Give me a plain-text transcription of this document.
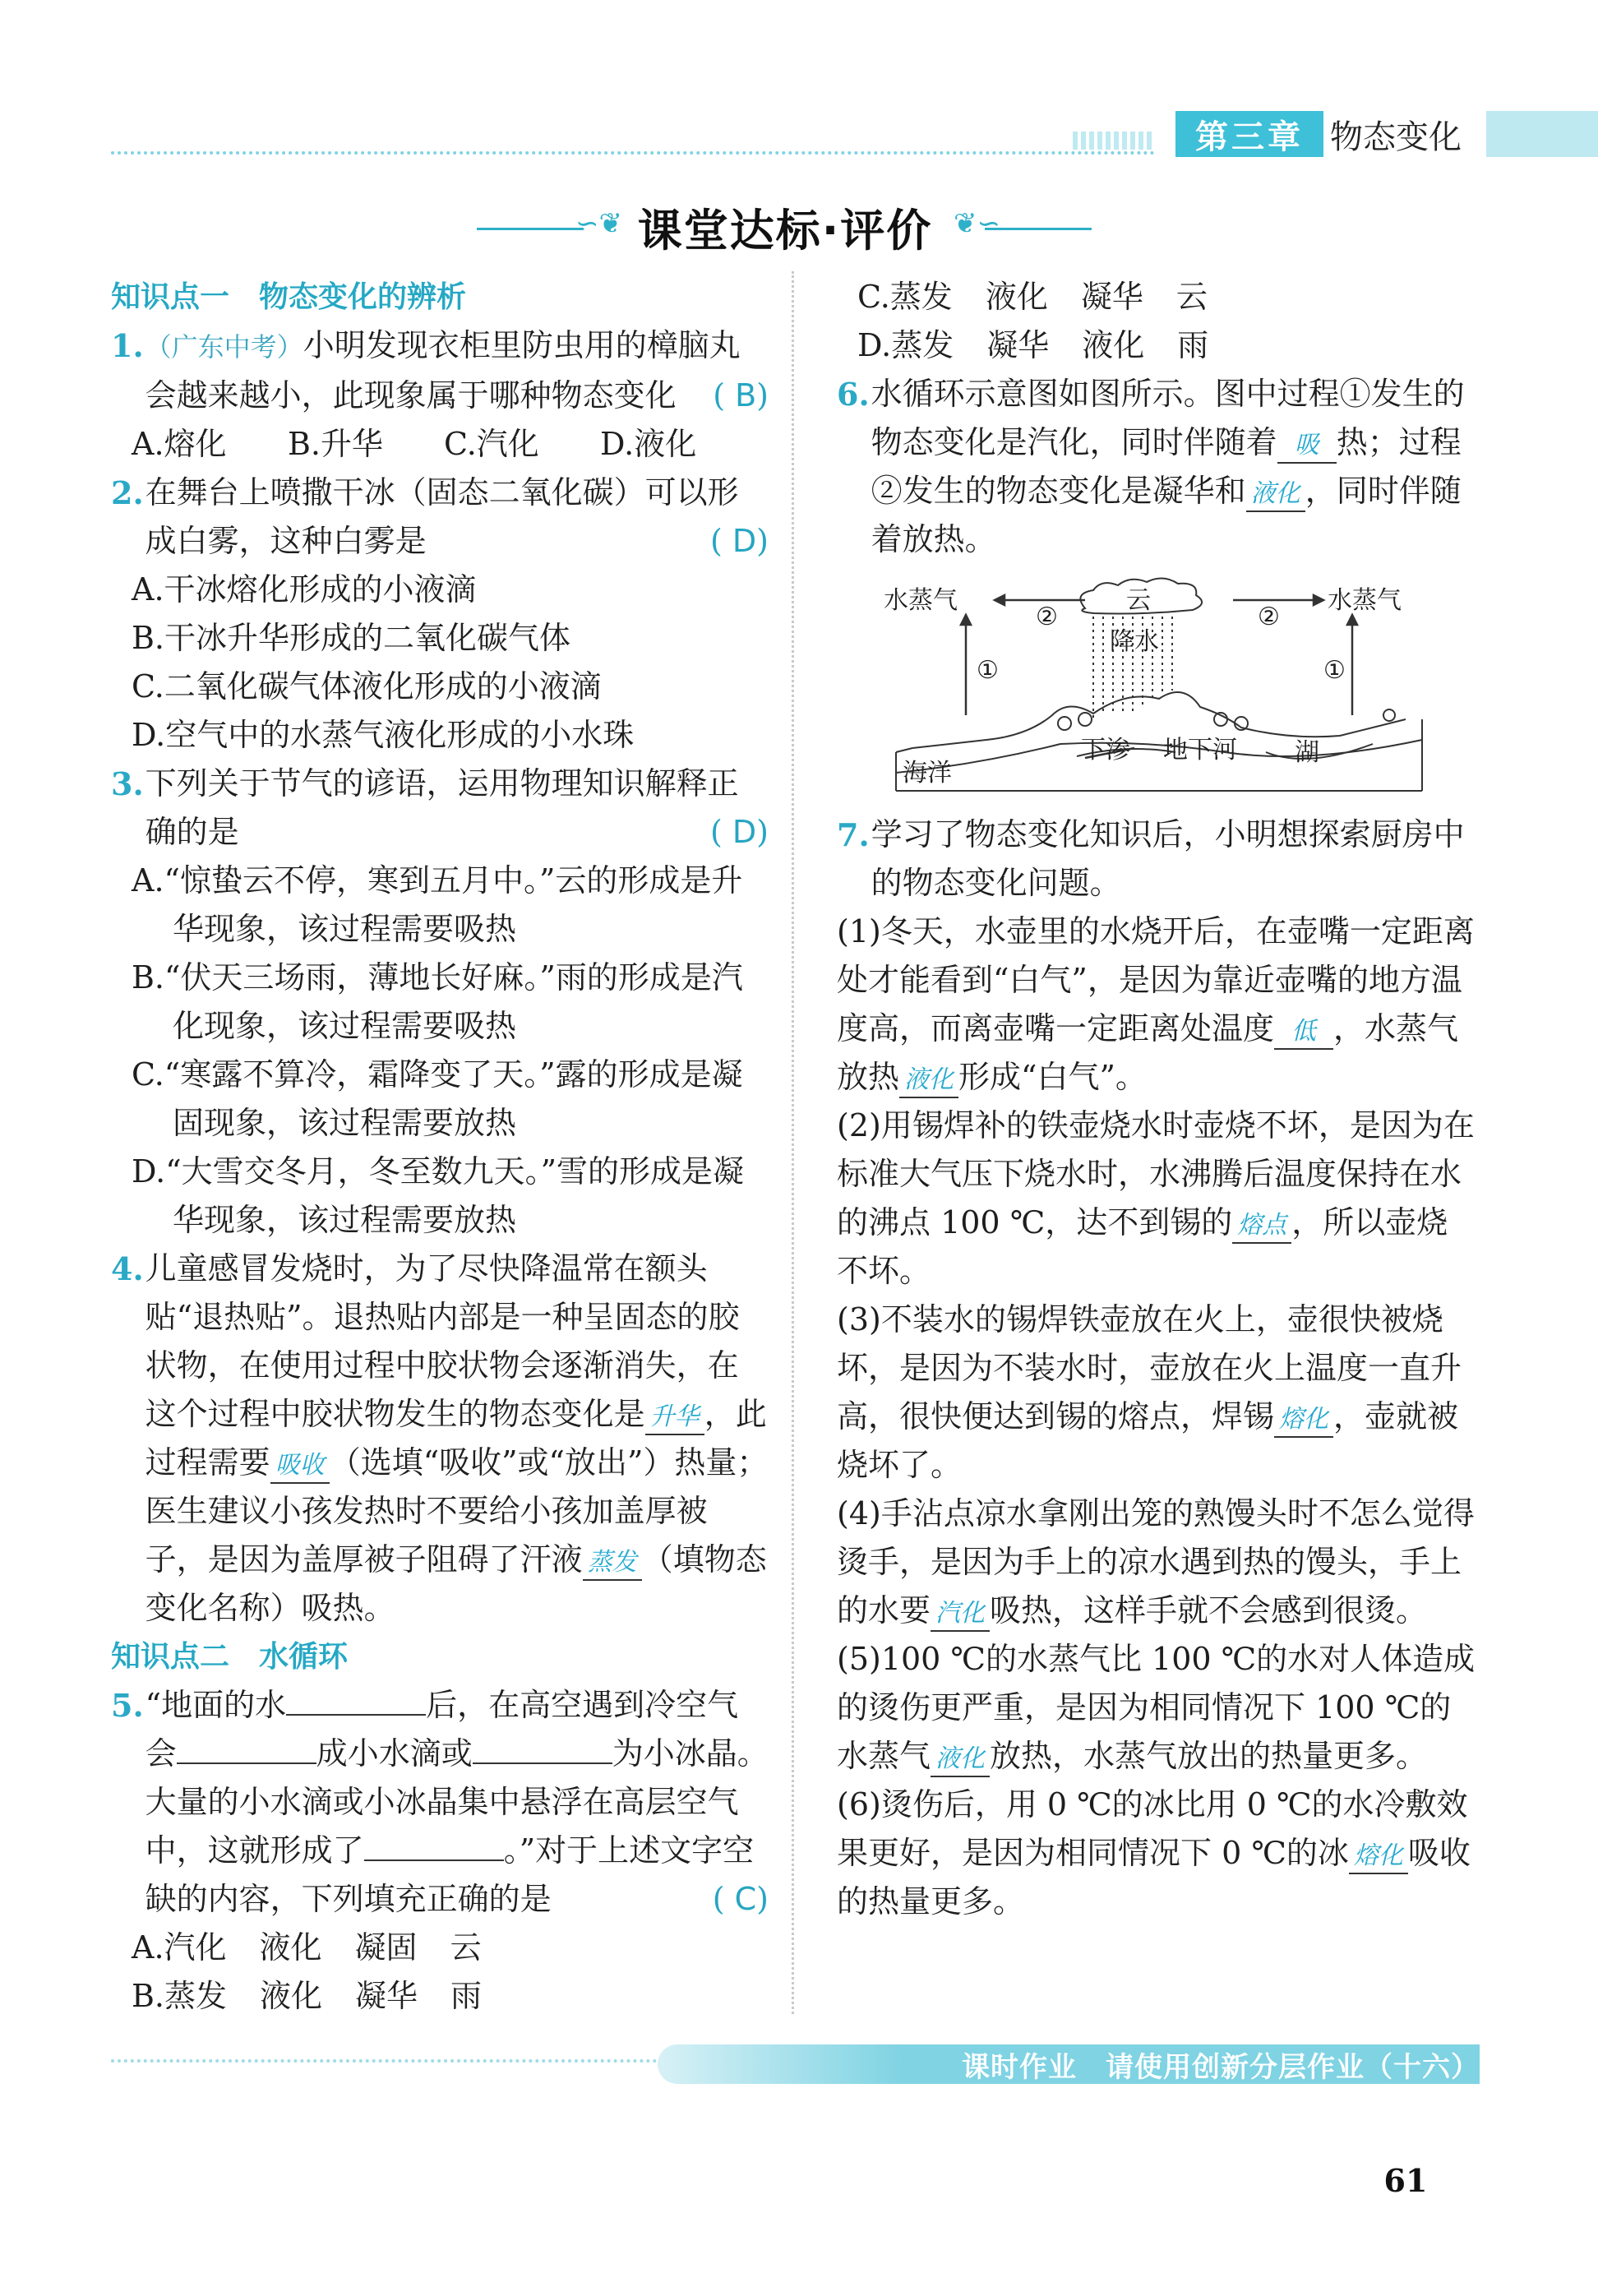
第三章 物态变化
∽❦ 课堂达标·评价 ❦∽
知识点一　物态变化的辨析
1. （广东中考）小明发现衣柜里防虫用的樟脑丸会越来越小，此现象属于哪种物态变化 ( B)
A.熔化	B.升华	C.汽化	D.液化
2. 在舞台上喷撒干冰（固态二氧化碳）可以形成白雾，这种白雾是	( D)
A.干冰熔化形成的小液滴
B.干冰升华形成的二氧化碳气体
C.二氧化碳气体液化形成的小液滴
D.空气中的水蒸气液化形成的小水珠
3. 下列关于节气的谚语，运用物理知识解释正确的是	( D)
A.“惊蛰云不停，寒到五月中。”云的形成是升
华现象，该过程需要吸热
B.“伏天三场雨，薄地长好麻。”雨的形成是汽
化现象，该过程需要吸热
C.“寒露不算冷，霜降变了天。”露的形成是凝
固现象，该过程需要放热
D.“大雪交冬月，冬至数九天。”雪的形成是凝
华现象，该过程需要放热
4. 儿童感冒发烧时，为了尽快降温常在额头贴“退热贴”。退热贴内部是一种呈固态的胶状物，在使用过程中胶状物会逐渐消失，在这个过程中胶状物发生的物态变化是 升华 ，此过程需要 吸收 （选填“吸收”或“放出”）热量；医生建议小孩发热时不要给小孩加盖厚被子，是因为盖厚被子阻碍了汗液 蒸发 （填物态变化名称）吸热。
知识点二　水循环
5. “地面的水	后，在高空遇到冷空气会	成小水滴或	为小冰晶。大量的小水滴或小冰晶集中悬浮在高层空气中，这就形成了	。”对于上述文字空缺的内容，下列填充正确的是	( C)
A.汽化 液化 凝固 云
B.蒸发 液化 凝华 雨
C.蒸发 液化 凝华 云
D.蒸发 凝华 液化 雨
6. 水循环示意图如图所示。图中过程①发生的物态变化是汽化，同时伴随着 吸 热；过程②发生的物态变化是凝华和 液化 ，同时伴随着放热。
7. 学习了物态变化知识后，小明想探索厨房中的物态变化问题。
(1)冬天，水壶里的水烧开后，在壶嘴一定距离处才能看到“白气”，是因为靠近壶嘴的地方温度高，而离壶嘴一定距离处温度 低 ，水蒸气放热 液化 形成“白气”。
(2)用锡焊补的铁壶烧水时壶烧不坏，是因为在标准大气压下烧水时，水沸腾后温度保持在水的沸点 100 ℃，达不到锡的 熔点 ，所以壶烧不坏。
(3)不装水的锡焊铁壶放在火上，壶很快被烧坏，是因为不装水时，壶放在火上温度一直升高，很快便达到锡的熔点，焊锡 熔化 ，壶就被烧坏了。
(4)手沾点凉水拿刚出笼的熟馒头时不怎么觉得烫手，是因为手上的凉水遇到热的馒头，手上的水要 汽化 吸热，这样手就不会感到很烫。
(5)100 ℃的水蒸气比 100 ℃的水对人体造成的烫伤更严重，是因为相同情况下 100 ℃的水蒸气 液化 放热，水蒸气放出的热量更多。
(6)烫伤后，用 0 ℃的冰比用 0 ℃的水冷敷效果更好，是因为相同情况下 0 ℃的冰 熔化 吸收的热量更多。
水蒸气	水蒸气
云
降水
②	②
①	①
海洋
下渗 地下河 湖
课时作业　请使用创新分层作业（十六）
61
